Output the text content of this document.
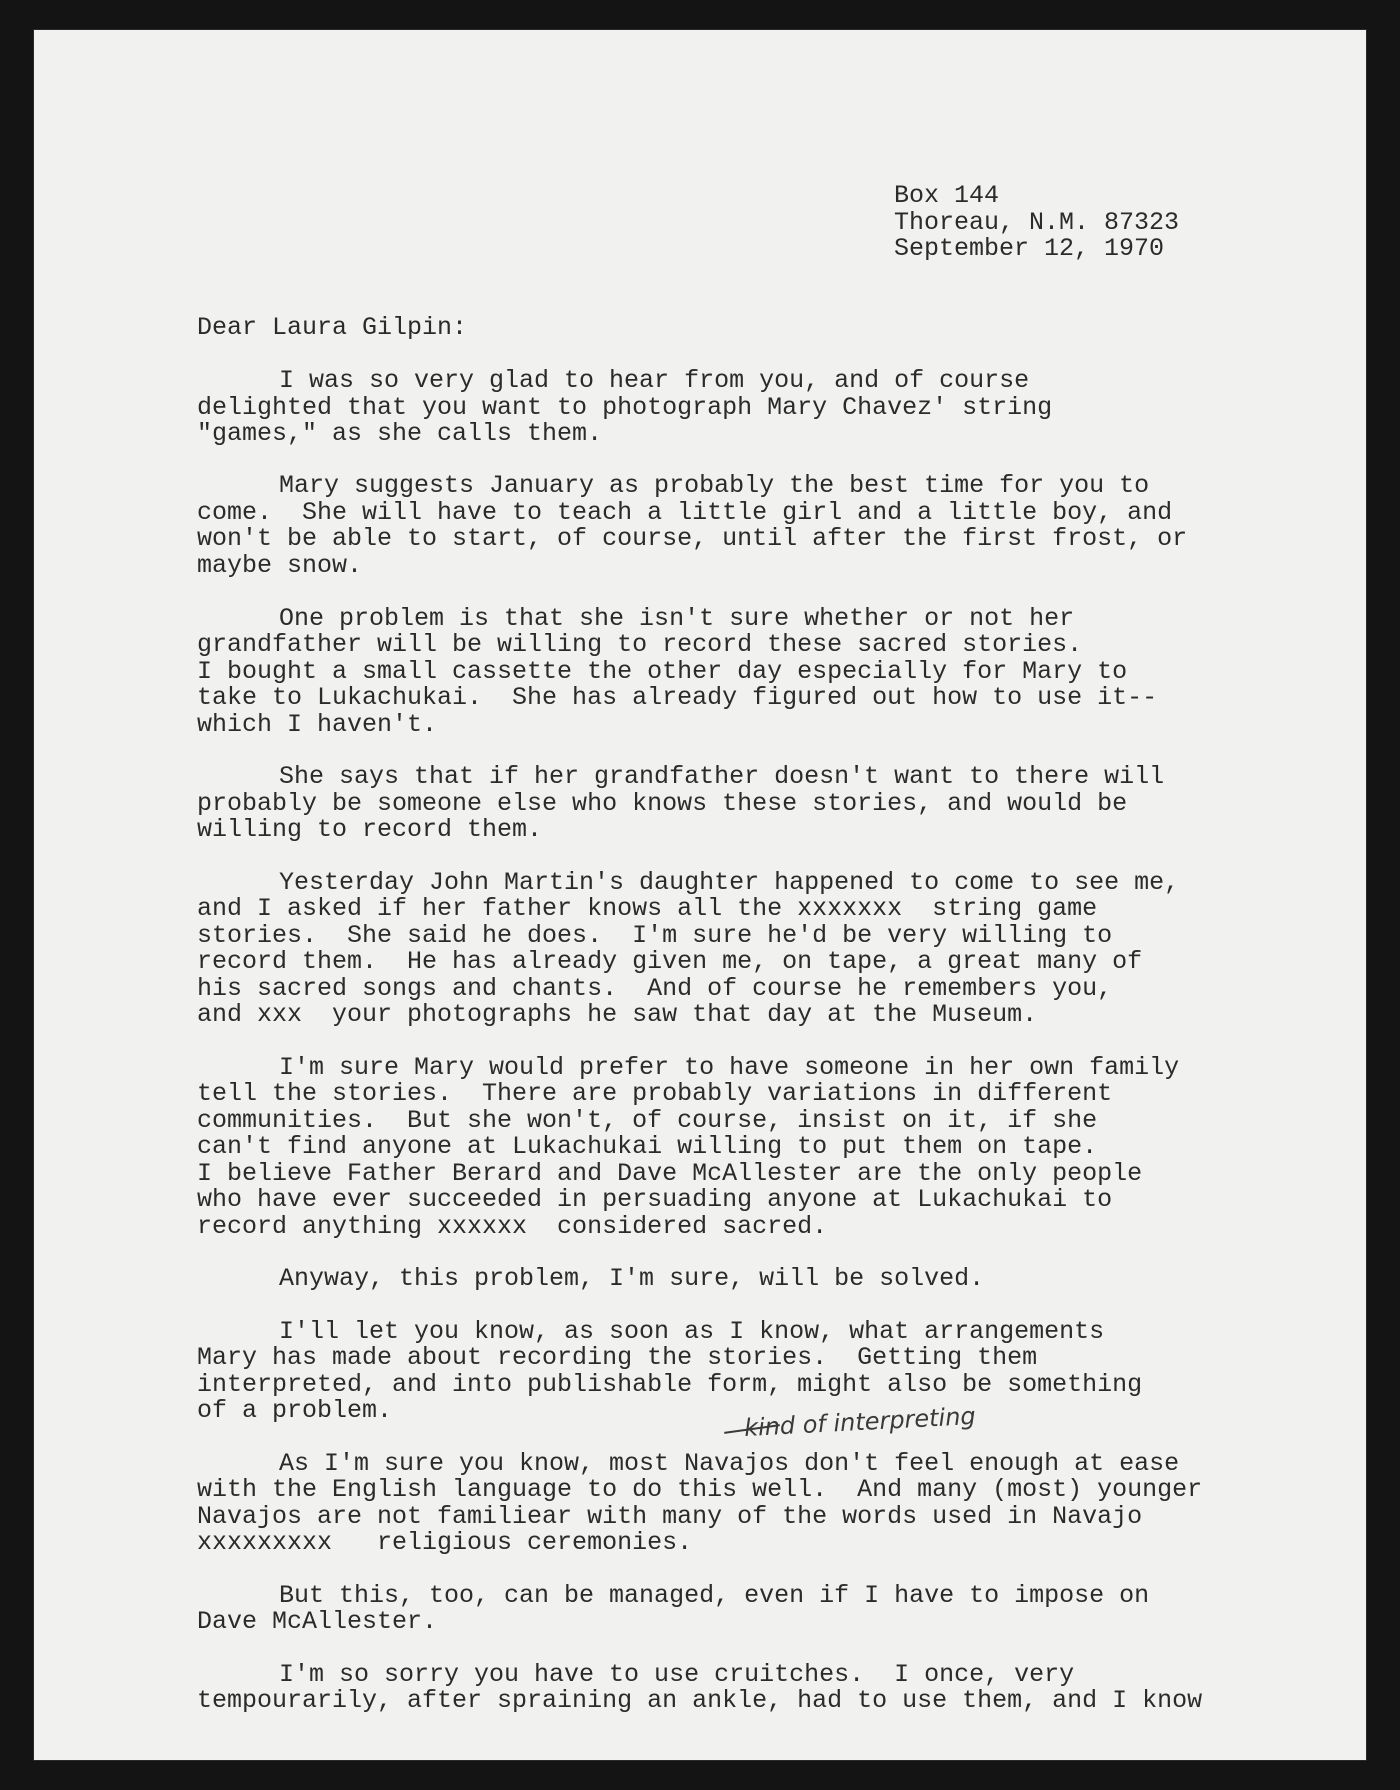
Box 144
Thoreau, N.M. 87323
September 12, 1970
Dear Laura Gilpin:
I was so very glad to hear from you, and of course
delighted that you want to photograph Mary Chavez' string
"games," as she calls them.
Mary suggests January as probably the best time for you to
come.  She will have to teach a little girl and a little boy, and
won't be able to start, of course, until after the first frost, or
maybe snow.
One problem is that she isn't sure whether or not her
grandfather will be willing to record these sacred stories.
I bought a small cassette the other day especially for Mary to
take to Lukachukai.  She has already figured out how to use it--
which I haven't.
She says that if her grandfather doesn't want to there will
probably be someone else who knows these stories, and would be
willing to record them.
Yesterday John Martin's daughter happened to come to see me,
and I asked if her father knows all the xxxxxxx  string game
stories.  She said he does.  I'm sure he'd be very willing to
record them.  He has already given me, on tape, a great many of
his sacred songs and chants.  And of course he remembers you,
and xxx  your photographs he saw that day at the Museum.
I'm sure Mary would prefer to have someone in her own family
tell the stories.  There are probably variations in different
communities.  But she won't, of course, insist on it, if she
can't find anyone at Lukachukai willing to put them on tape.
I believe Father Berard and Dave McAllester are the only people
who have ever succeeded in persuading anyone at Lukachukai to
record anything xxxxxx  considered sacred.
Anyway, this problem, I'm sure, will be solved.
I'll let you know, as soon as I know, what arrangements
Mary has made about recording the stories.  Getting them
interpreted, and into publishable form, might also be something
of a problem.	kind of interpreting
As I'm sure you know, most Navajos don't feel enough at ease
with the English language to do this well.  And many (most) younger
Navajos are not familiear with many of the words used in Navajo
xxxxxxxxx   religious ceremonies.
But this, too, can be managed, even if I have to impose on
Dave McAllester.
I'm so sorry you have to use cruitches.  I once, very
tempourarily, after spraining an ankle, had to use them, and I know
